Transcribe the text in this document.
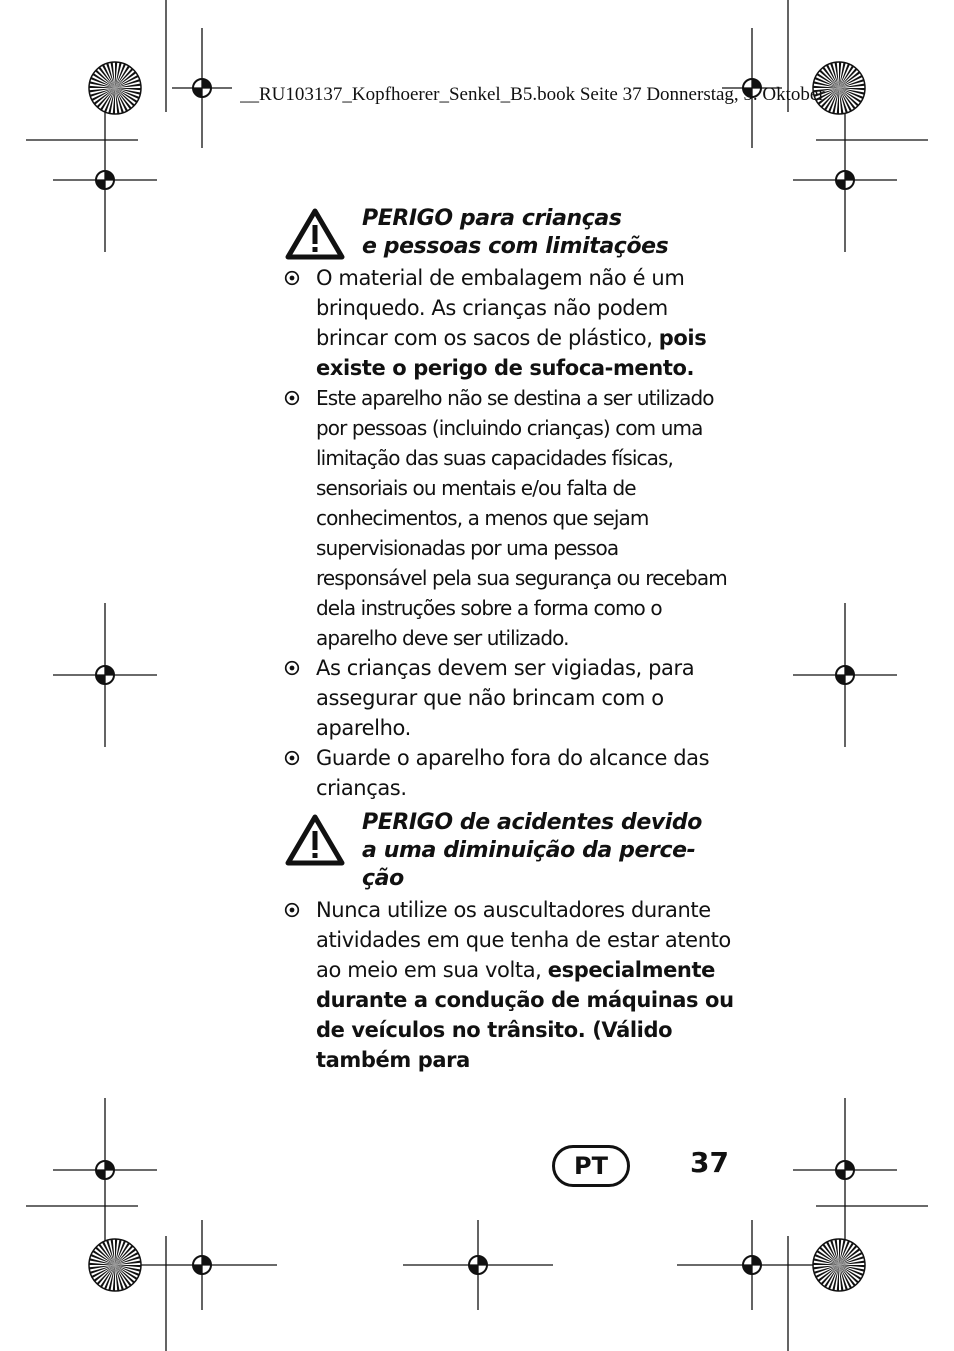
__RU103137_Kopfhoerer_Senkel_B5.book Seite 37 Donnerstag, 5. Oktober
PERIGO para crianças
e pessoas com limitações
O material de embalagem não é um brinquedo. As crianças não podem brincar com os sacos de plástico, pois existe o perigo de sufoca-mento.
Este aparelho não se destina a ser utilizado por pessoas (incluindo crianças) com uma limitação das suas capacidades físicas, sensoriais ou mentais e/ou falta de conhecimentos, a menos que sejam supervisionadas por uma pessoa responsável pela sua segurança ou recebam dela instruções sobre a forma como o aparelho deve ser utilizado.
As crianças devem ser vigiadas, para assegurar que não brincam com o aparelho.
Guarde o aparelho fora do alcance das crianças.
PERIGO de acidentes devido
a uma diminuição da perce-
ção
Nunca utilize os auscultadores durante atividades em que tenha de estar atento ao meio em sua volta, especialmente durante a condução de máquinas ou de veículos no trânsito. (Válido também para
PT	37
